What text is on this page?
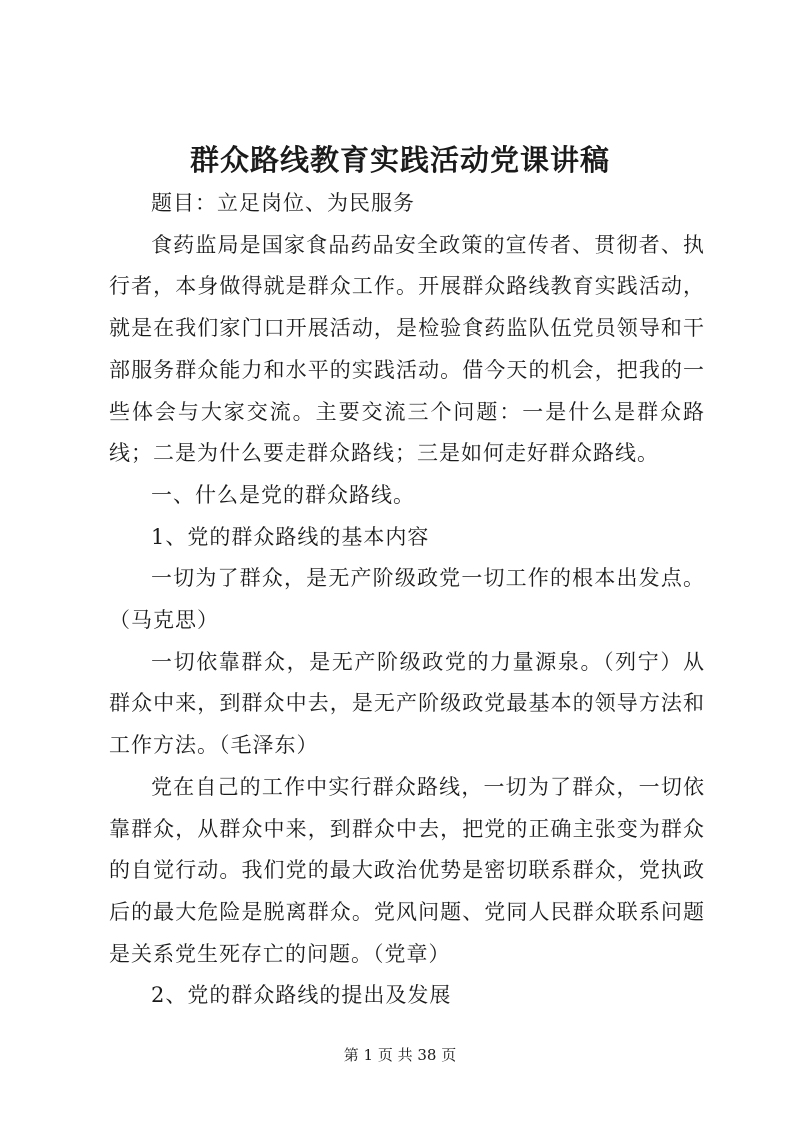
群众路线教育实践活动党课讲稿

题目：立足岗位、为民服务

食药监局是国家食品药品安全政策的宣传者、贯彻者、执行者，本身做得就是群众工作。开展群众路线教育实践活动，就是在我们家门口开展活动，是检验食药监队伍党员领导和干部服务群众能力和水平的实践活动。借今天的机会，把我的一些体会与大家交流。主要交流三个问题：一是什么是群众路线；二是为什么要走群众路线；三是如何走好群众路线。

一、什么是党的群众路线。

1、党的群众路线的基本内容

一切为了群众，是无产阶级政党一切工作的根本出发点。（马克思）

一切依靠群众，是无产阶级政党的力量源泉。（列宁）从群众中来，到群众中去，是无产阶级政党最基本的领导方法和工作方法。（毛泽东）

党在自己的工作中实行群众路线，一切为了群众，一切依靠群众，从群众中来，到群众中去，把党的正确主张变为群众的自觉行动。我们党的最大政治优势是密切联系群众，党执政后的最大危险是脱离群众。党风问题、党同人民群众联系问题是关系党生死存亡的问题。（党章）

2、党的群众路线的提出及发展

第 1 页 共 38 页
